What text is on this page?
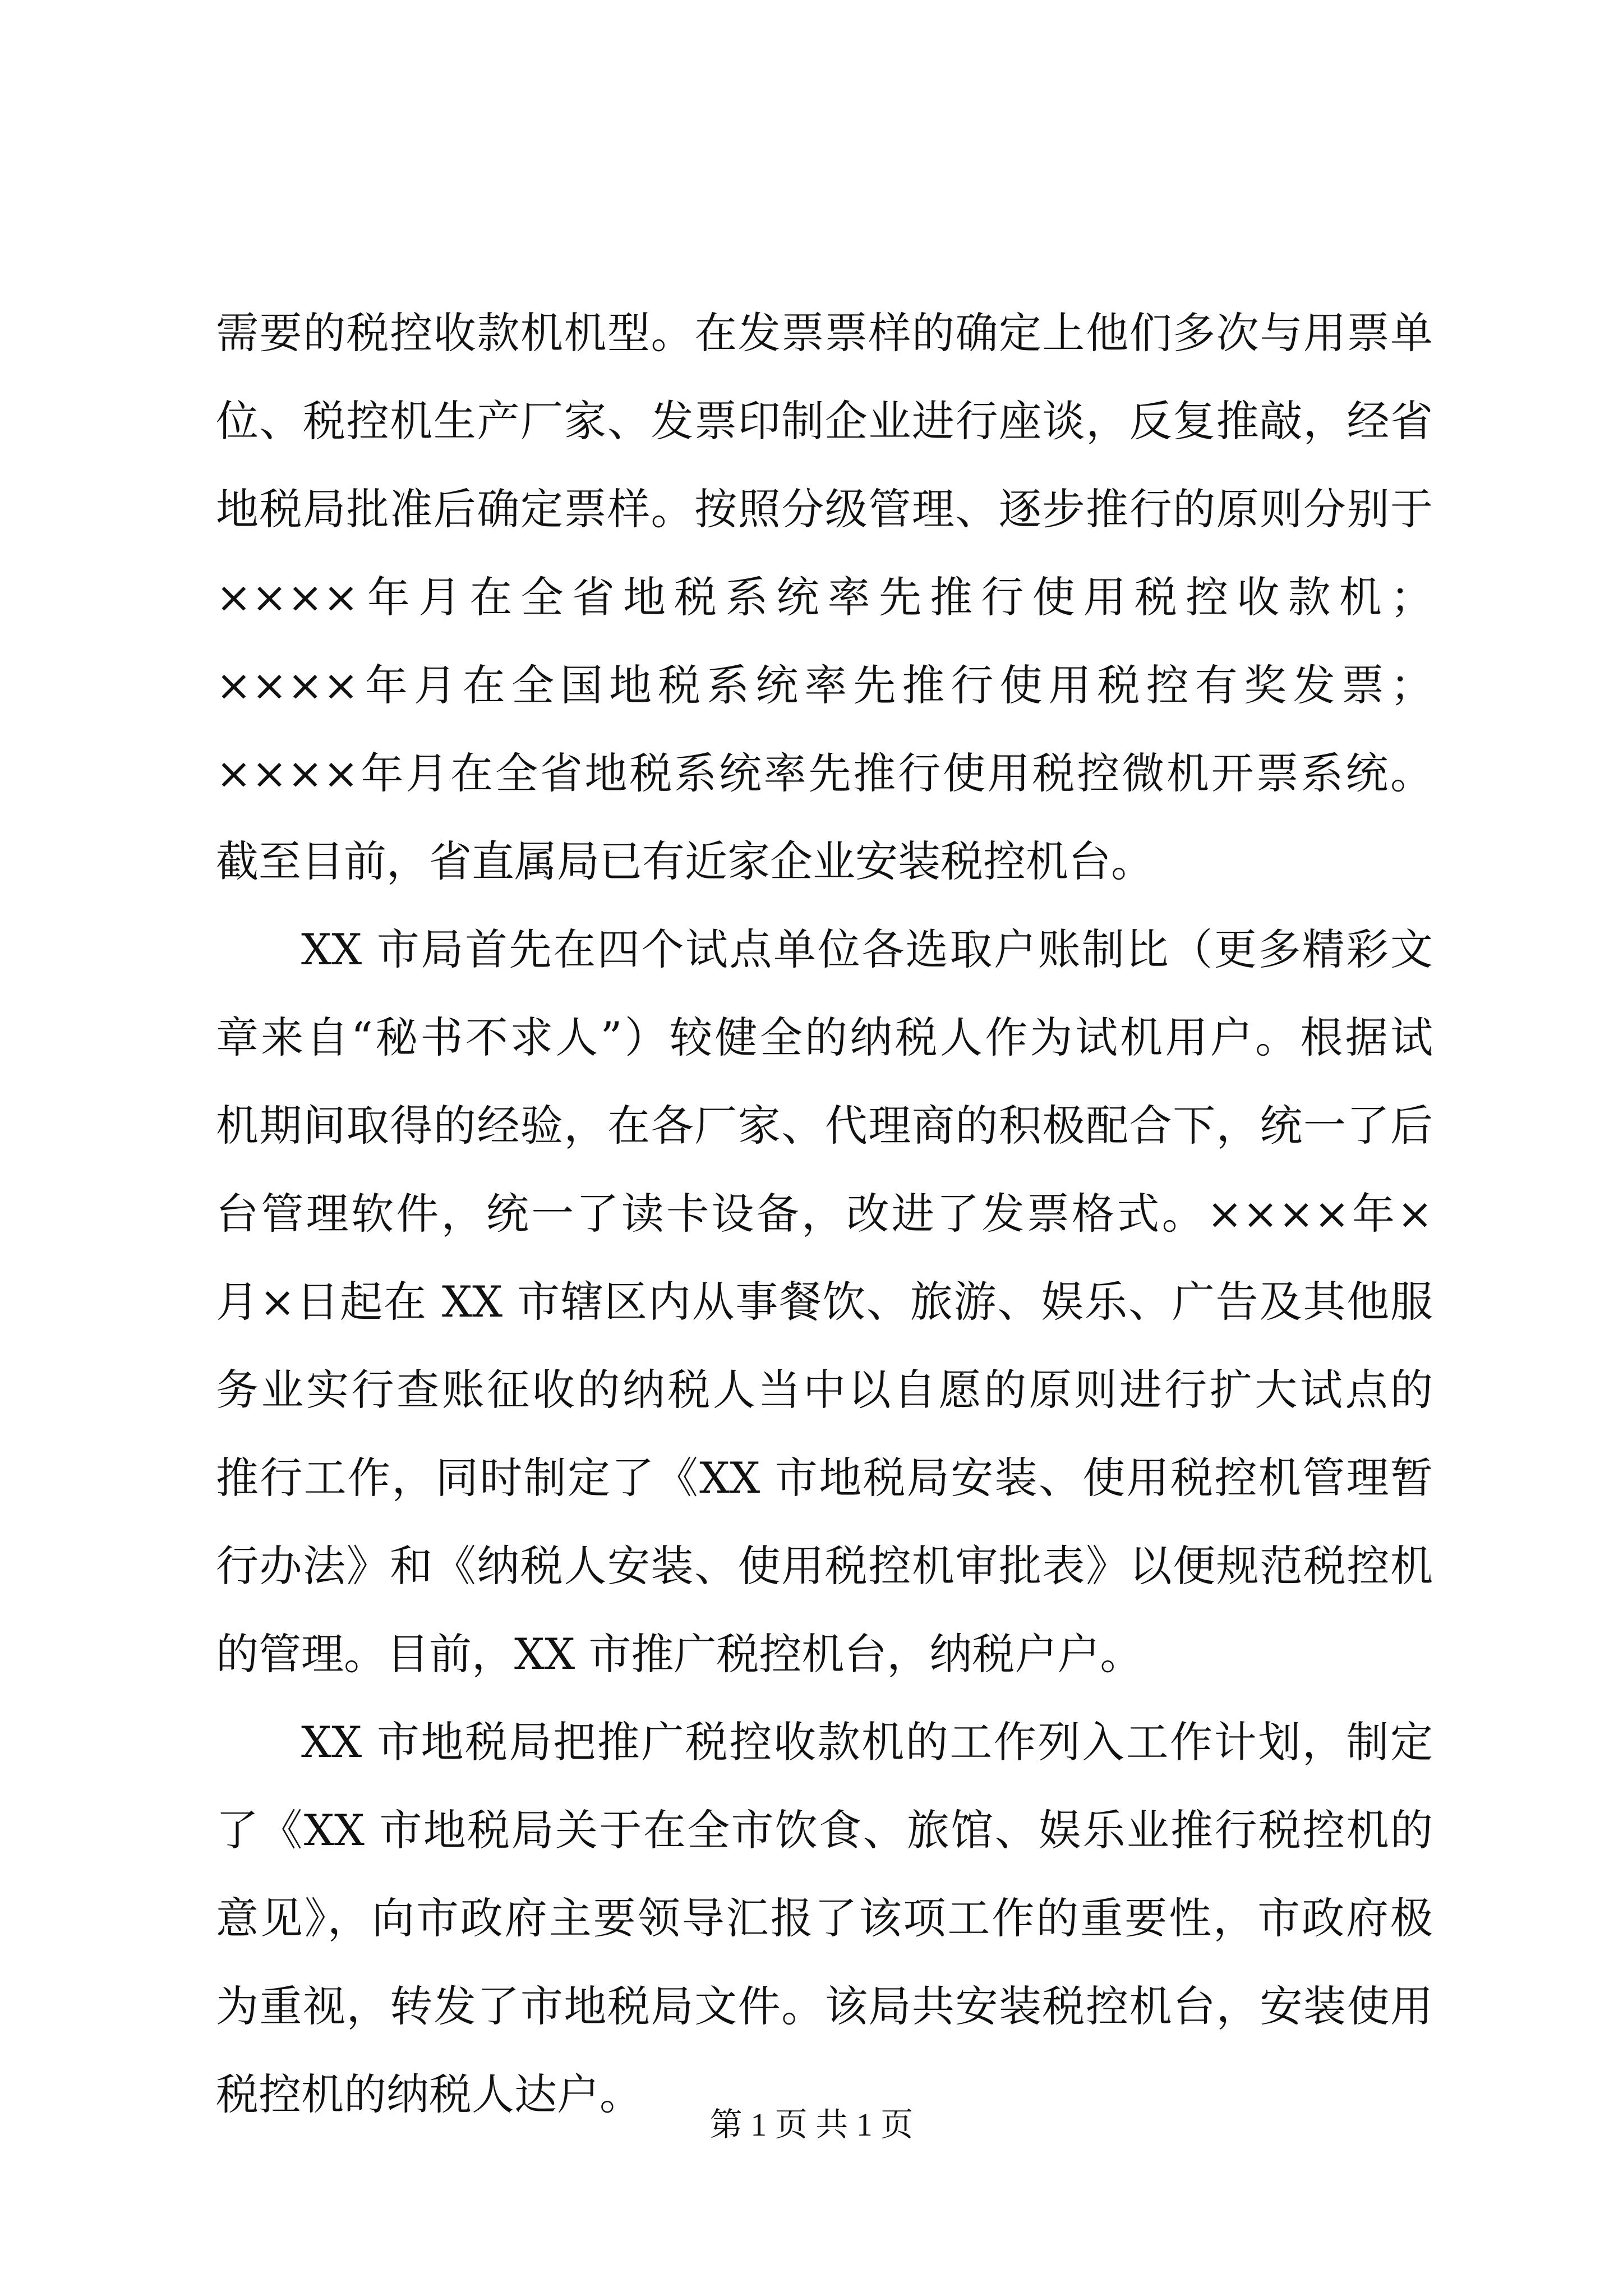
需要的税控收款机机型。在发票票样的确定上他们多次与用票单
位、税控机生产厂家、发票印制企业进行座谈，反复推敲，经省
地税局批准后确定票样。按照分级管理、逐步推行的原则分别于
××××年月在全省地税系统率先推行使用税控收款机；
××××年月在全国地税系统率先推行使用税控有奖发票；
××××年月在全省地税系统率先推行使用税控微机开票系统。
截至目前，省直属局已有近家企业安装税控机台。
XX 市局首先在四个试点单位各选取户账制比（更多精彩文
章来自“秘书不求人”）较健全的纳税人作为试机用户。根据试
机期间取得的经验，在各厂家、代理商的积极配合下，统一了后
台管理软件，统一了读卡设备，改进了发票格式。××××年×
月×日起在 XX 市辖区内从事餐饮、旅游、娱乐、广告及其他服
务业实行查账征收的纳税人当中以自愿的原则进行扩大试点的
推行工作，同时制定了《XX 市地税局安装、使用税控机管理暂
行办法》和《纳税人安装、使用税控机审批表》以便规范税控机
的管理。目前，XX 市推广税控机台，纳税户户。
XX 市地税局把推广税控收款机的工作列入工作计划，制定
了《XX 市地税局关于在全市饮食、旅馆、娱乐业推行税控机的
意见》，向市政府主要领导汇报了该项工作的重要性，市政府极
为重视，转发了市地税局文件。该局共安装税控机台，安装使用
税控机的纳税人达户。
第 1 页 共 1 页
